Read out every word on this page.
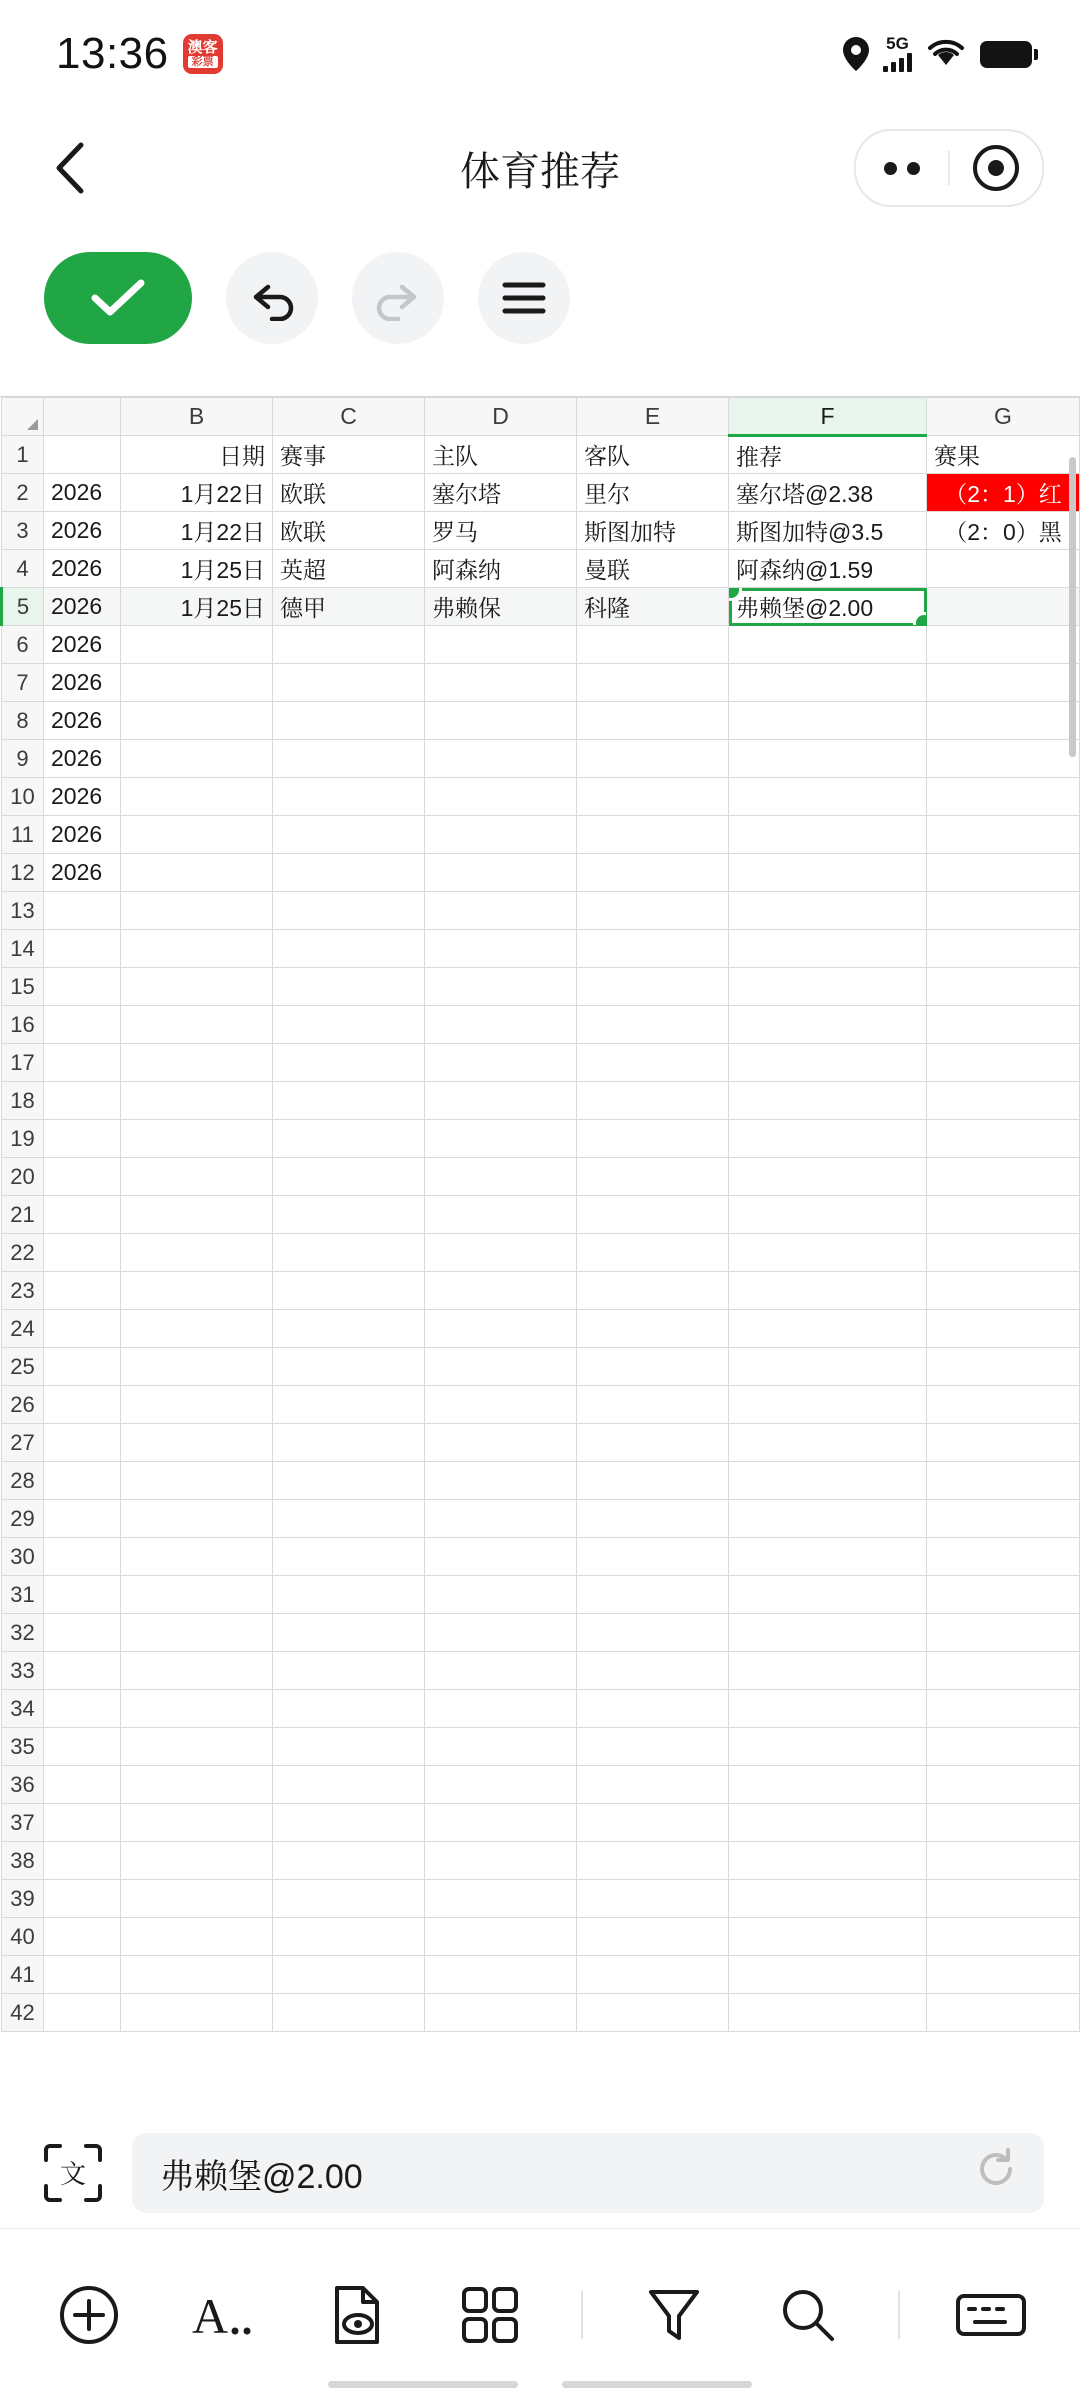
13:36 澳客
彩票
5G
体育推荐
		B	C	D	E	F	G
1		日期	赛事	主队	客队	推荐	赛果
2	2026	1月22日	欧联	塞尔塔	里尔	塞尔塔@2.38	（2：1）红
3	2026	1月22日	欧联	罗马	斯图加特	斯图加特@3.5	（2：0）黑
4	2026	1月25日	英超	阿森纳	曼联	阿森纳@1.59	
5	2026	1月25日	德甲	弗赖保	科隆	弗赖堡@2.00

6	2026						
7	2026						
8	2026						
9	2026						
10	2026						
11	2026						
12	2026						
13							
14							
15							
16							
17							
18							
19							
20							
21							
22							
23							
24							
25							
26							
27							
28							
29							
30							
31							
32							
33							
34							
35							
36							
37							
38							
39							
40							
41							
42							
文 弗赖堡@2.00
A
